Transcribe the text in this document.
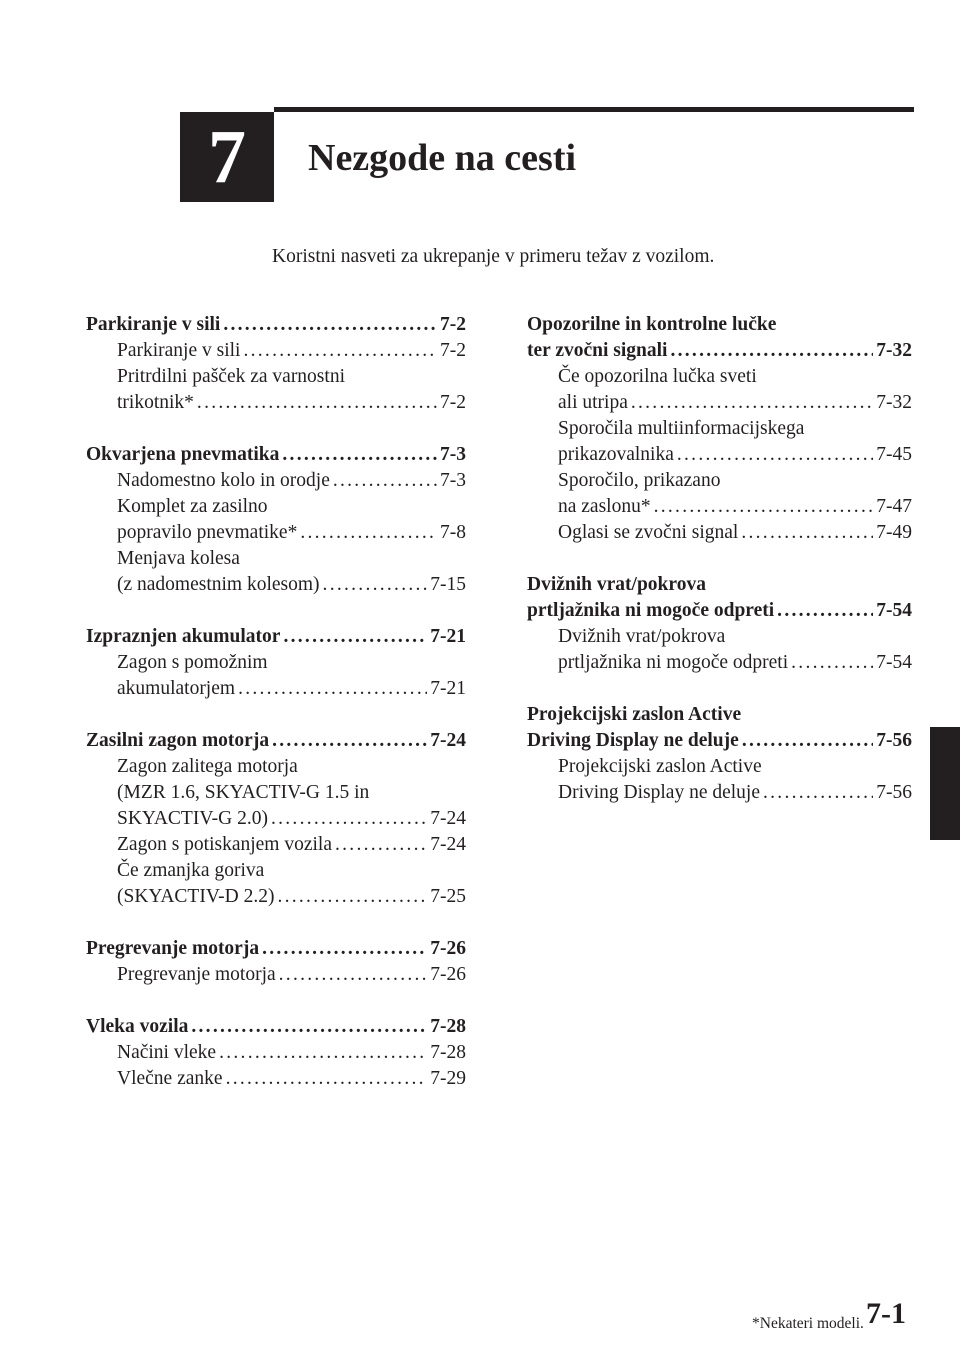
7 Nezgode na cesti
Koristni nasveti za ukrepanje v primeru težav z vozilom.
Parkiranje v sili . . .	7-2
Parkiranje v sili . . .	7-2
Pritrdilni pašček za varnostni
trikotnik* . . .	7-2
Okvarjena pnevmatika . . .	7-3
Nadomestno kolo in orodje . . .	7-3
Komplet za zasilno
popravilo pnevmatike* . . .	7-8
Menjava kolesa
(z nadomestnim kolesom) . . .	7-15
Izpraznjen akumulator . . .	7-21
Zagon s pomožnim
akumulatorjem . . .	7-21
Zasilni zagon motorja . . .	7-24
Zagon zalitega motorja
(MZR 1.6, SKYACTIV-G 1.5 in
SKYACTIV-G 2.0) . . .	7-24
Zagon s potiskanjem vozila . . .	7-24
Če zmanjka goriva
(SKYACTIV-D 2.2) . . .	7-25
Pregrevanje motorja . . .	7-26
Pregrevanje motorja . . .	7-26
Vleka vozila . . .	7-28
Načini vleke . . .	7-28
Vlečne zanke . . .	7-29
Opozorilne in kontrolne lučke
ter zvočni signali . . .	7-32
Če opozorilna lučka sveti
ali utripa . . .	7-32
Sporočila multiinformacijskega
prikazovalnika . . .	7-45
Sporočilo, prikazano
na zaslonu* . . .	7-47
Oglasi se zvočni signal . . .	7-49
Dvižnih vrat/pokrova
prtljažnika ni mogoče odpreti . . .	7-54
Dvižnih vrat/pokrova
prtljažnika ni mogoče odpreti . . .	7-54
Projekcijski zaslon Active
Driving Display ne deluje . . .	7-56
Projekcijski zaslon Active
Driving Display ne deluje . . .	7-56
*Nekateri modeli. 7-1
